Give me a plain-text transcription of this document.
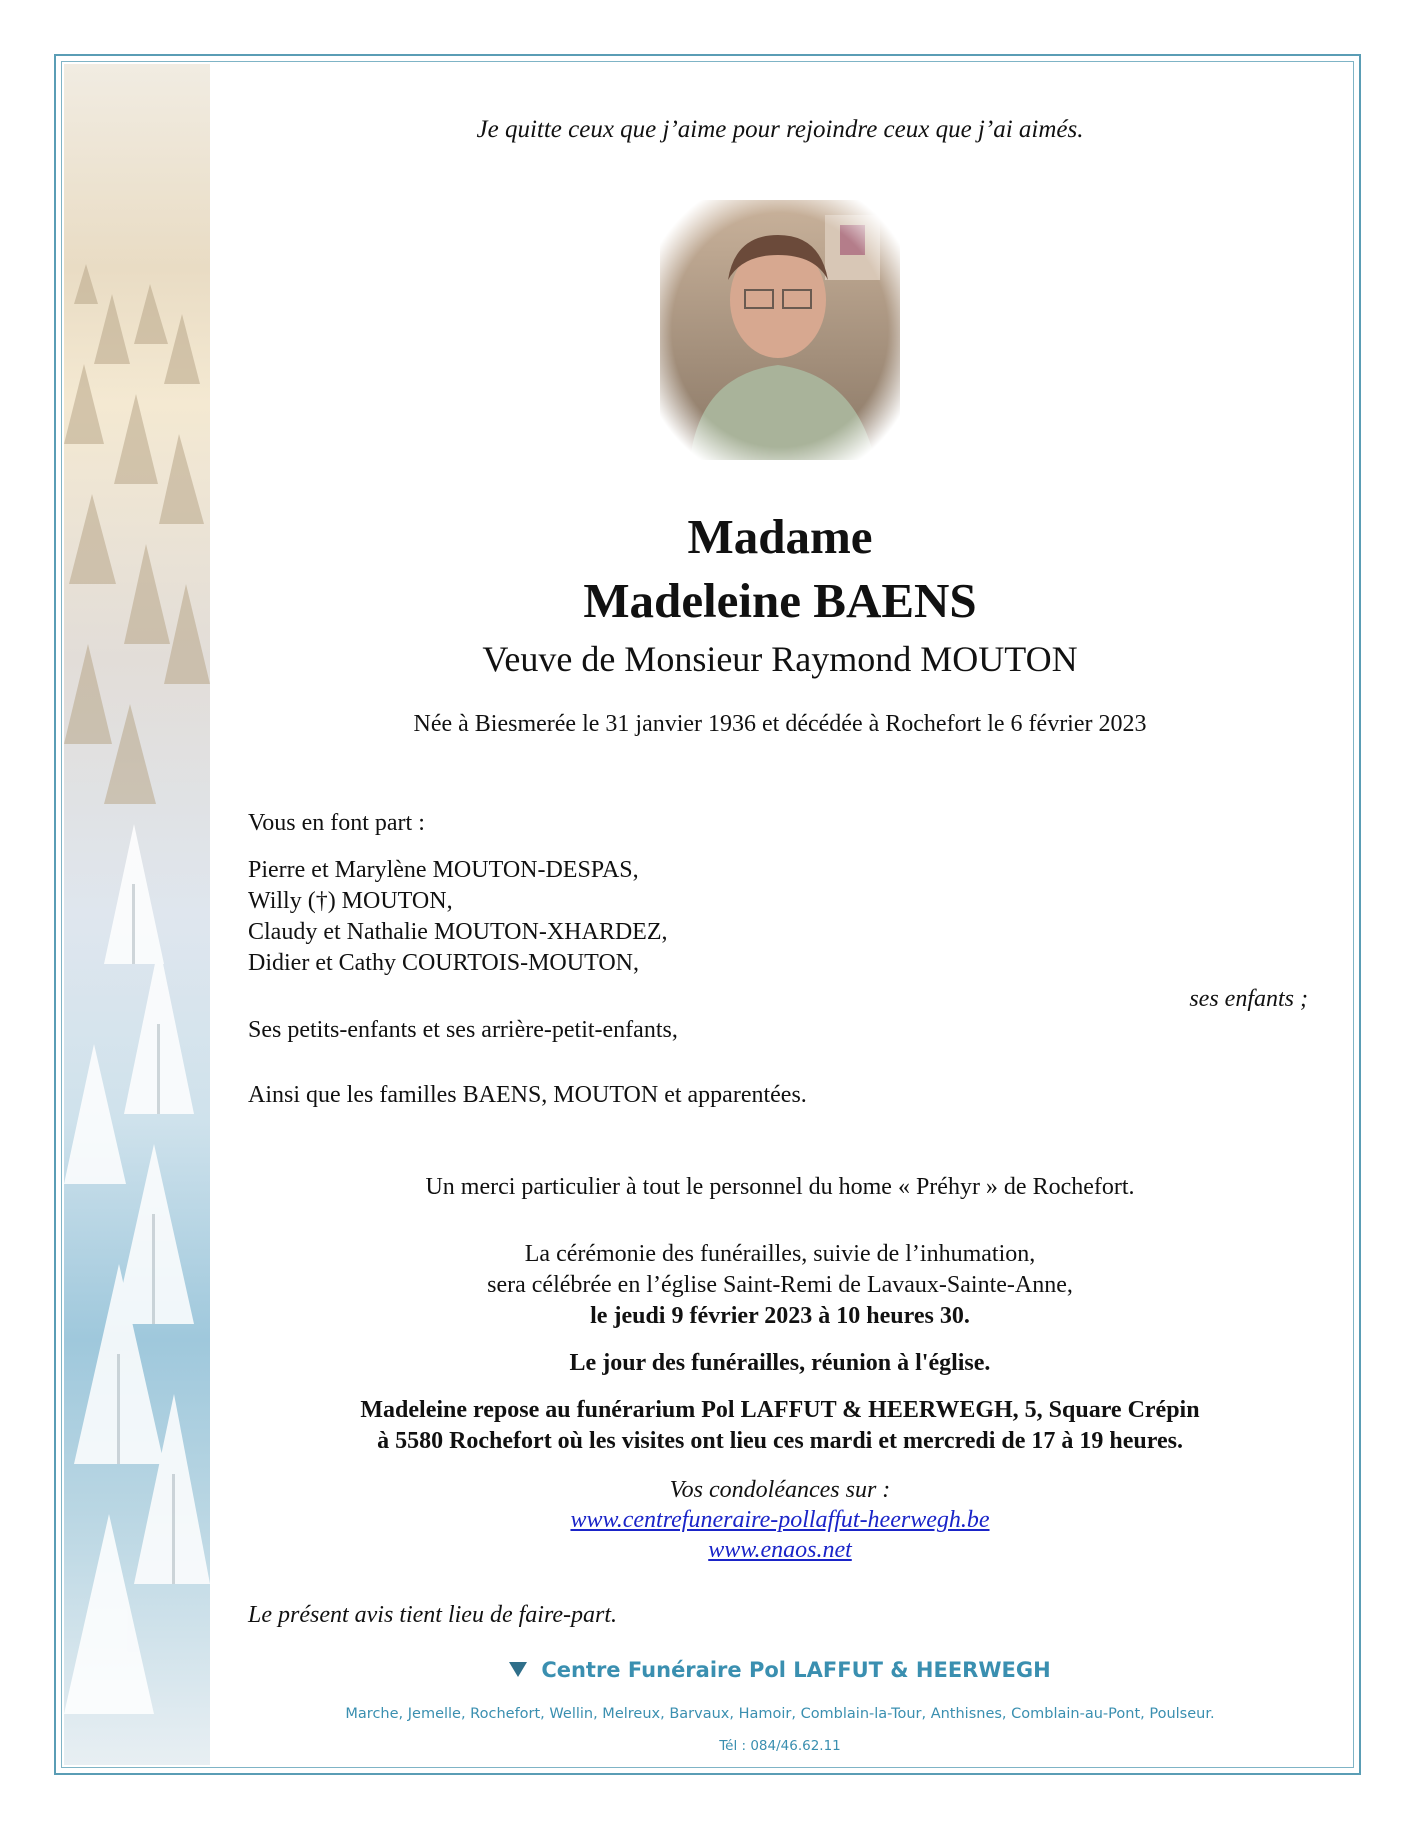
Je quitte ceux que j’aime pour rejoindre ceux que j’ai aimés.
Madame
Madeleine BAENS
Veuve de Monsieur Raymond MOUTON
Née à Biesmerée le 31 janvier 1936 et décédée à Rochefort le 6 février 2023
Vous en font part :
Pierre et Marylène MOUTON-DESPAS,
Willy (†) MOUTON,
Claudy et Nathalie MOUTON-XHARDEZ,
Didier et Cathy COURTOIS-MOUTON,
ses enfants ;
Ses petits-enfants et ses arrière-petit-enfants,
Ainsi que les familles BAENS, MOUTON et apparentées.
Un merci particulier à tout le personnel du home « Préhyr » de Rochefort.
La cérémonie des funérailles, suivie de l’inhumation,
sera célébrée en l’église Saint-Remi de Lavaux-Sainte-Anne,
le jeudi 9 février 2023 à 10 heures 30.
Le jour des funérailles, réunion à l'église.
Madeleine repose au funérarium Pol LAFFUT & HEERWEGH, 5, Square Crépin
à 5580 Rochefort où les visites ont lieu ces mardi et mercredi de 17 à 19 heures.
Vos condoléances sur :
www.centrefuneraire-pollaffut-heerwegh.be
www.enaos.net
Le présent avis tient lieu de faire-part.
Centre Funéraire Pol LAFFUT & HEERWEGH
Marche, Jemelle, Rochefort, Wellin, Melreux, Barvaux, Hamoir, Comblain-la-Tour, Anthisnes, Comblain-au-Pont, Poulseur.
Tél : 084/46.62.11
